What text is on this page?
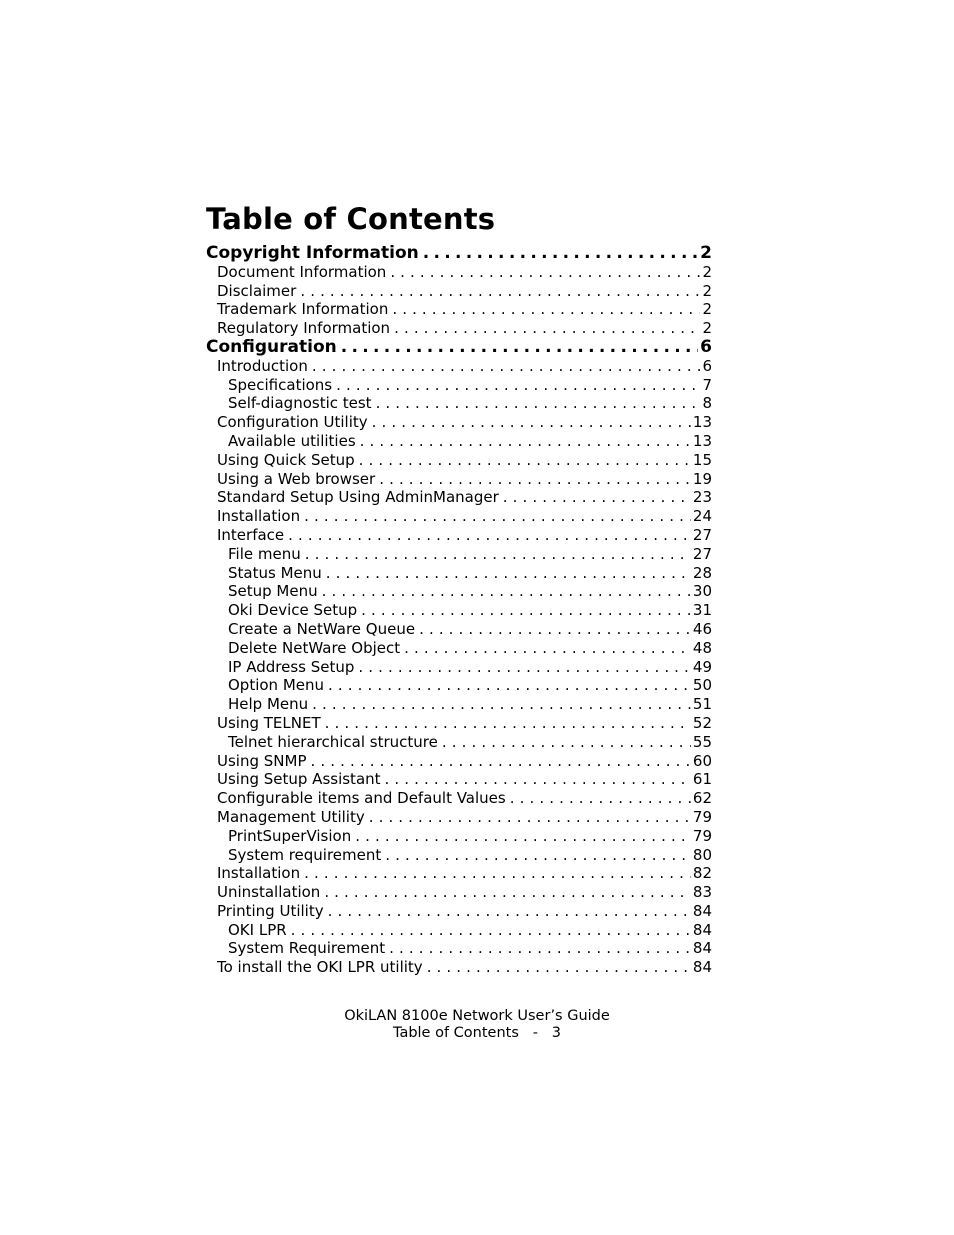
Table of Contents
Copyright Information .....	2
Document Information .....	2
Disclaimer .....	2
Trademark Information .....	2
Regulatory Information .....	2
Configuration .....	6
Introduction .....	6
Specifications .....	7
Self-diagnostic test .....	8
Configuration Utility .....	13
Available utilities .....	13
Using Quick Setup .....	15
Using a Web browser .....	19
Standard Setup Using AdminManager .....	23
Installation .....	24
Interface .....	27
File menu .....	27
Status Menu .....	28
Setup Menu .....	30
Oki Device Setup .....	31
Create a NetWare Queue .....	46
Delete NetWare Object .....	48
IP Address Setup .....	49
Option Menu .....	50
Help Menu .....	51
Using TELNET .....	52
Telnet hierarchical structure .....	55
Using SNMP .....	60
Using Setup Assistant .....	61
Configurable items and Default Values .....	62
Management Utility .....	79
PrintSuperVision .....	79
System requirement .....	80
Installation .....	82
Uninstallation .....	83
Printing Utility .....	84
OKI LPR .....	84
System Requirement .....	84
To install the OKI LPR utility .....	84
OkiLAN 8100e Network User’s Guide
Table of Contents   -   3
